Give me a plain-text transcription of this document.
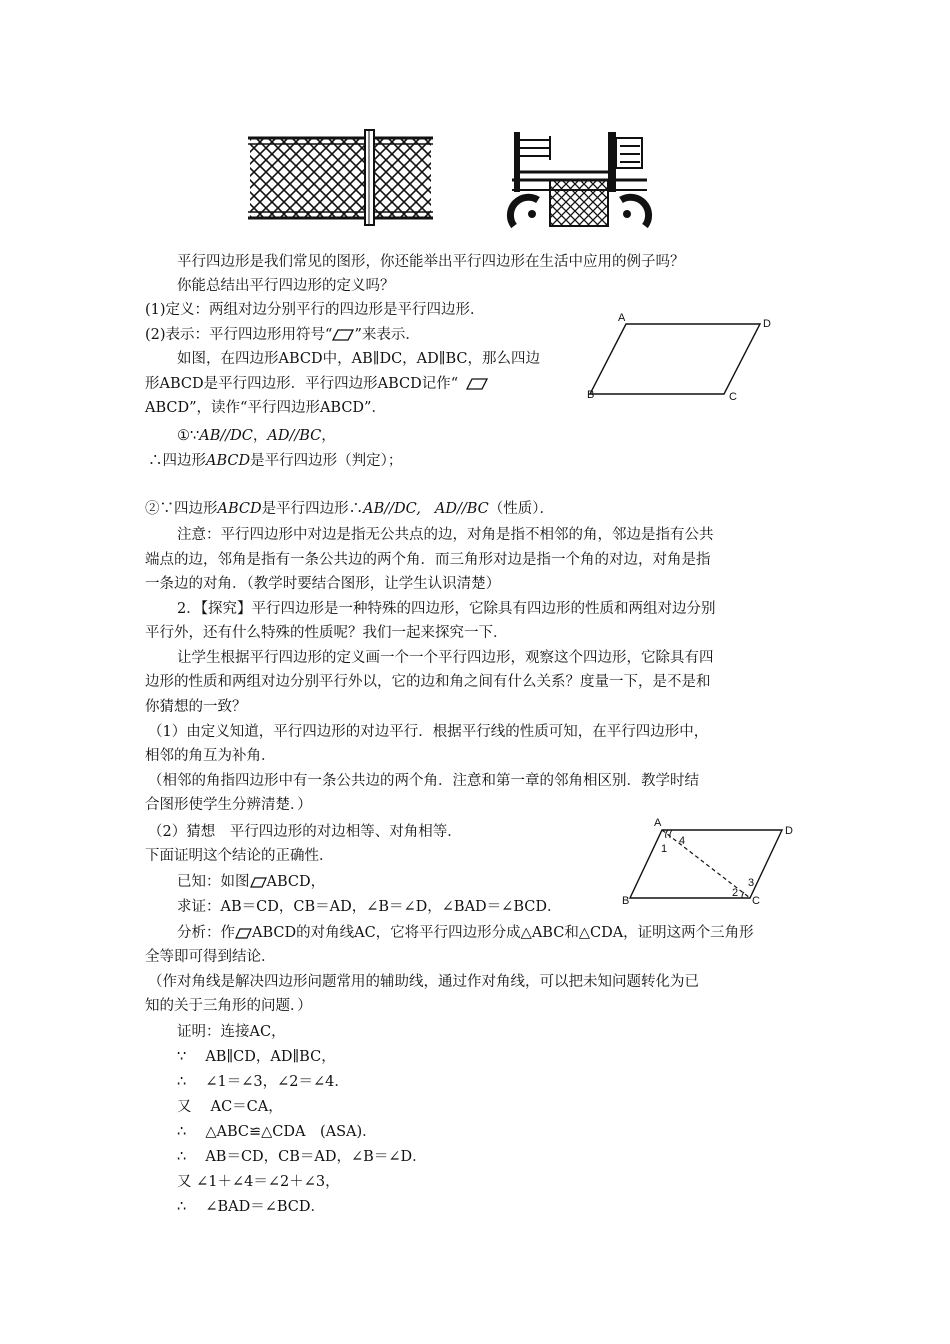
A	D
B	C
A
D
B	C
1
4
2
3
平行四边形是我们常见的图形，你还能举出平行四边形在生活中应用的例子吗？
你能总结出平行四边形的定义吗？
(1)定义：两组对边分别平行的四边形是平行四边形．
(2)表示：平行四边形用符号“ ”来表示．
如图，在四边形ABCD中，AB∥DC，AD∥BC，那么四边
形ABCD是平行四边形．平行四边形ABCD记作“
ABCD”，读作“平行四边形ABCD”．
①∵AB//DC，AD//BC，
∴四边形ABCD是平行四边形（判定）；
②∵四边形ABCD是平行四边形∴AB//DC, AD//BC（性质）．
注意：平行四边形中对边是指无公共点的边，对角是指不相邻的角，邻边是指有公共
端点的边，邻角是指有一条公共边的两个角．而三角形对边是指一个角的对边，对角是指
一条边的对角．（教学时要结合图形，让学生认识清楚）
2．【探究】平行四边形是一种特殊的四边形，它除具有四边形的性质和两组对边分别
平行外，还有什么特殊的性质呢？我们一起来探究一下．
让学生根据平行四边形的定义画一个一个平行四边形，观察这个四边形，它除具有四
边形的性质和两组对边分别平行外以，它的边和角之间有什么关系？度量一下，是不是和
你猜想的一致？
（1）由定义知道，平行四边形的对边平行．根据平行线的性质可知，在平行四边形中，
相邻的角互为补角．
（相邻的角指四边形中有一条公共边的两个角．注意和第一章的邻角相区别．教学时结
合图形使学生分辨清楚．）
（2）猜想　平行四边形的对边相等、对角相等．
下面证明这个结论的正确性．
已知：如图 ABCD，
求证：AB＝CD，CB＝AD，∠B＝∠D，∠BAD＝∠BCD．
分析：作 ABCD的对角线AC，它将平行四边形分成△ABC和△CDA，证明这两个三角形
全等即可得到结论．
（作对角线是解决四边形问题常用的辅助线，通过作对角线，可以把未知问题转化为已
知的关于三角形的问题．）
证明：连接AC，
∵　 AB∥CD，AD∥BC，
∴　 ∠1＝∠3，∠2＝∠4．
又　 AC＝CA，
∴　 △ABC≌△CDA　(ASA)．
∴　 AB＝CD，CB＝AD，∠B＝∠D．
又 ∠1＋∠4＝∠2＋∠3，
∴　 ∠BAD＝∠BCD．
